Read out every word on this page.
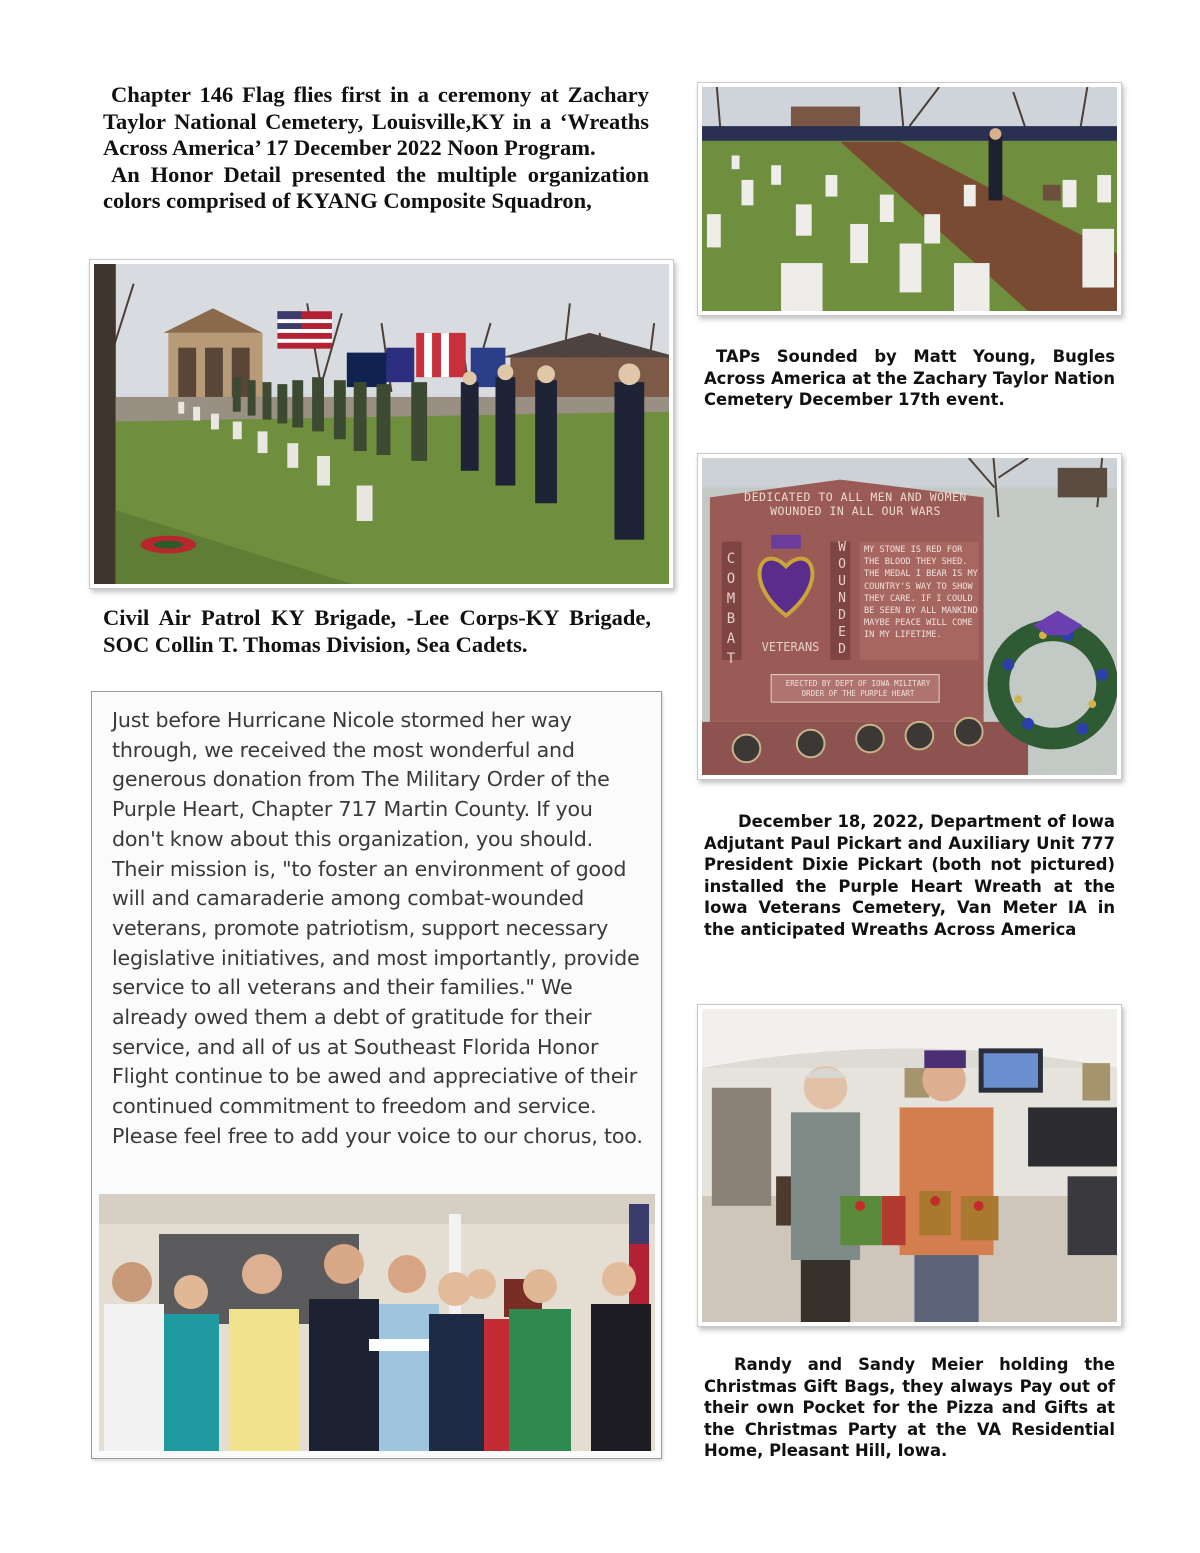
Chapter 146 Flag flies first in a ceremony at Zachary Taylor National Cemetery, Louisville,KY in a ‘Wreaths Across America’ 17 December 2022 Noon Program.

An Honor Detail presented the multiple organization colors comprised of KYANG Composite Squadron,

Civil Air Patrol KY Brigade, -Lee Corps-KY Brigade, SOC Collin T. Thomas Division, Sea Cadets.

Just before Hurricane Nicole stormed her way through, we received the most wonderful and generous donation from The Military Order of the Purple Heart, Chapter 717 Martin County. If you don't know about this organization, you should. Their mission is, "to foster an environment of good will and camaraderie among combat-wounded veterans, promote patriotism, support necessary legislative initiatives, and most importantly, provide service to all veterans and their families." We already owed them a debt of gratitude for their service, and all of us at Southeast Florida Honor Flight continue to be awed and appreciative of their continued commitment to freedom and service. Please feel free to add your voice to our chorus, too.

TAPs Sounded by Matt Young, Bugles Across America at the Zachary Taylor Nation Cemetery December 17th event.

DEDICATED TO ALL MEN AND WOMEN WOUNDED IN ALL OUR WARS
COMBAT
WOUNDED
VETERANS
MY STONE IS RED FOR THE BLOOD THEY SHED. THE MEDAL I BEAR IS MY COUNTRY'S WAY TO SHOW THEY CARE. IF I COULD BE SEEN BY ALL MANKIND MAYBE PEACE WILL COME IN MY LIFETIME.
ERECTED BY DEPT OF IOWA MILITARY ORDER OF THE PURPLE HEART

December 18, 2022, Department of Iowa Adjutant Paul Pickart and Auxiliary Unit 777 President Dixie Pickart (both not pictured) installed the Purple Heart Wreath at the Iowa Veterans Cemetery, Van Meter IA in the anticipated Wreaths Across America

Randy and Sandy Meier holding the Christmas Gift Bags, they always Pay out of their own Pocket for the Pizza and Gifts at the Christmas Party at the VA Residential Home, Pleasant Hill, Iowa.
